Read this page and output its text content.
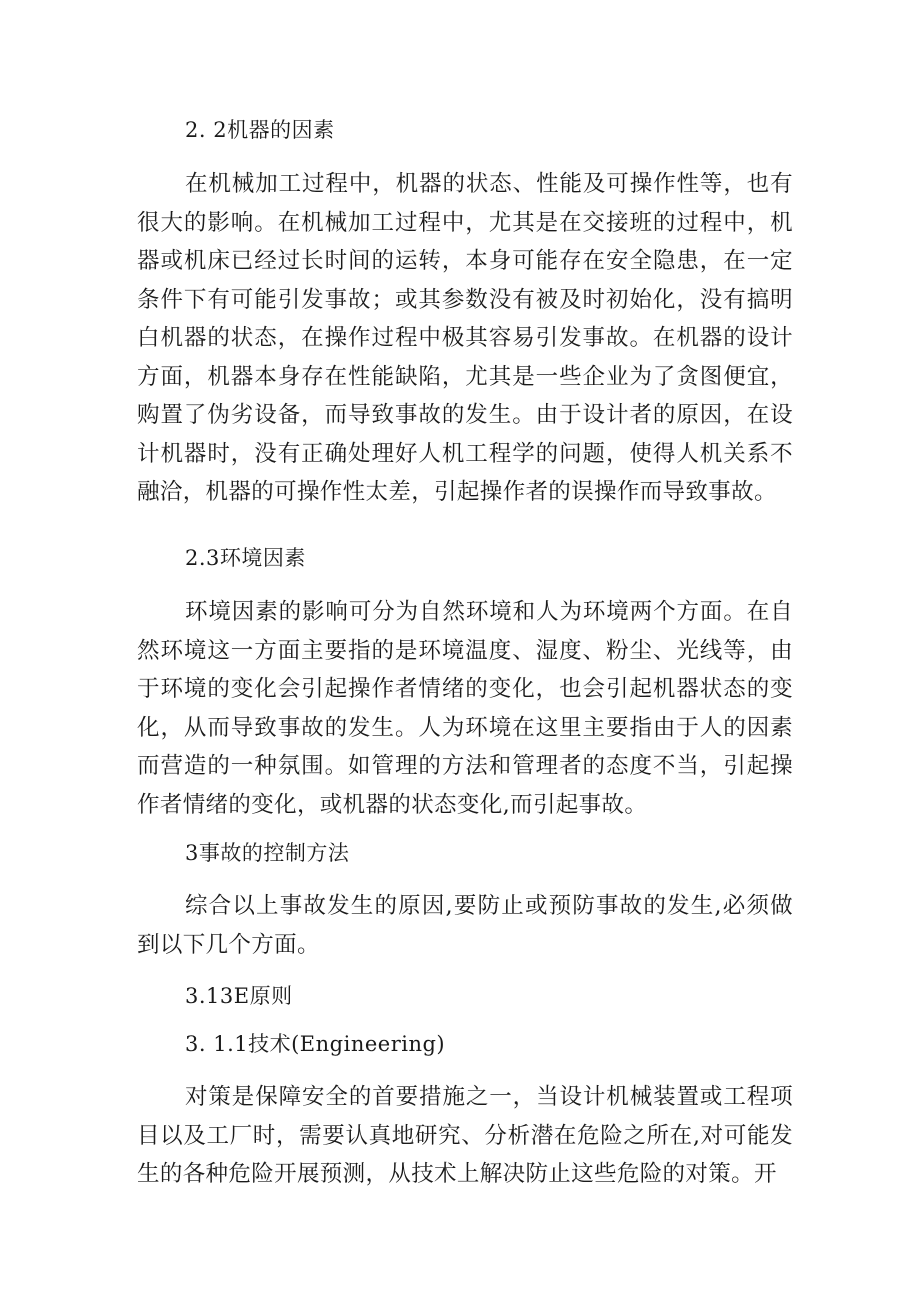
2. 2机器的因素

在机械加工过程中，机器的状态、性能及可操作性等，也有很大的影响。在机械加工过程中，尤其是在交接班的过程中，机器或机床已经过长时间的运转，本身可能存在安全隐患，在一定条件下有可能引发事故；或其参数没有被及时初始化，没有搞明白机器的状态，在操作过程中极其容易引发事故。在机器的设计方面，机器本身存在性能缺陷，尤其是一些企业为了贪图便宜，购置了伪劣设备，而导致事故的发生。由于设计者的原因，在设计机器时，没有正确处理好人机工程学的问题，使得人机关系不融洽，机器的可操作性太差，引起操作者的误操作而导致事故。

2.3环境因素

环境因素的影响可分为自然环境和人为环境两个方面。在自然环境这一方面主要指的是环境温度、湿度、粉尘、光线等，由于环境的变化会引起操作者情绪的变化，也会引起机器状态的变化，从而导致事故的发生。人为环境在这里主要指由于人的因素而营造的一种氛围。如管理的方法和管理者的态度不当，引起操作者情绪的变化，或机器的状态变化,而引起事故。

3事故的控制方法

综合以上事故发生的原因,要防止或预防事故的发生,必须做到以下几个方面。

3.13E原则
3. 1.1技术(Engineering)

对策是保障安全的首要措施之一，当设计机械装置或工程项目以及工厂时，需要认真地研究、分析潜在危险之所在,对可能发生的各种危险开展预测，从技术上解决防止这些危险的对策。开
